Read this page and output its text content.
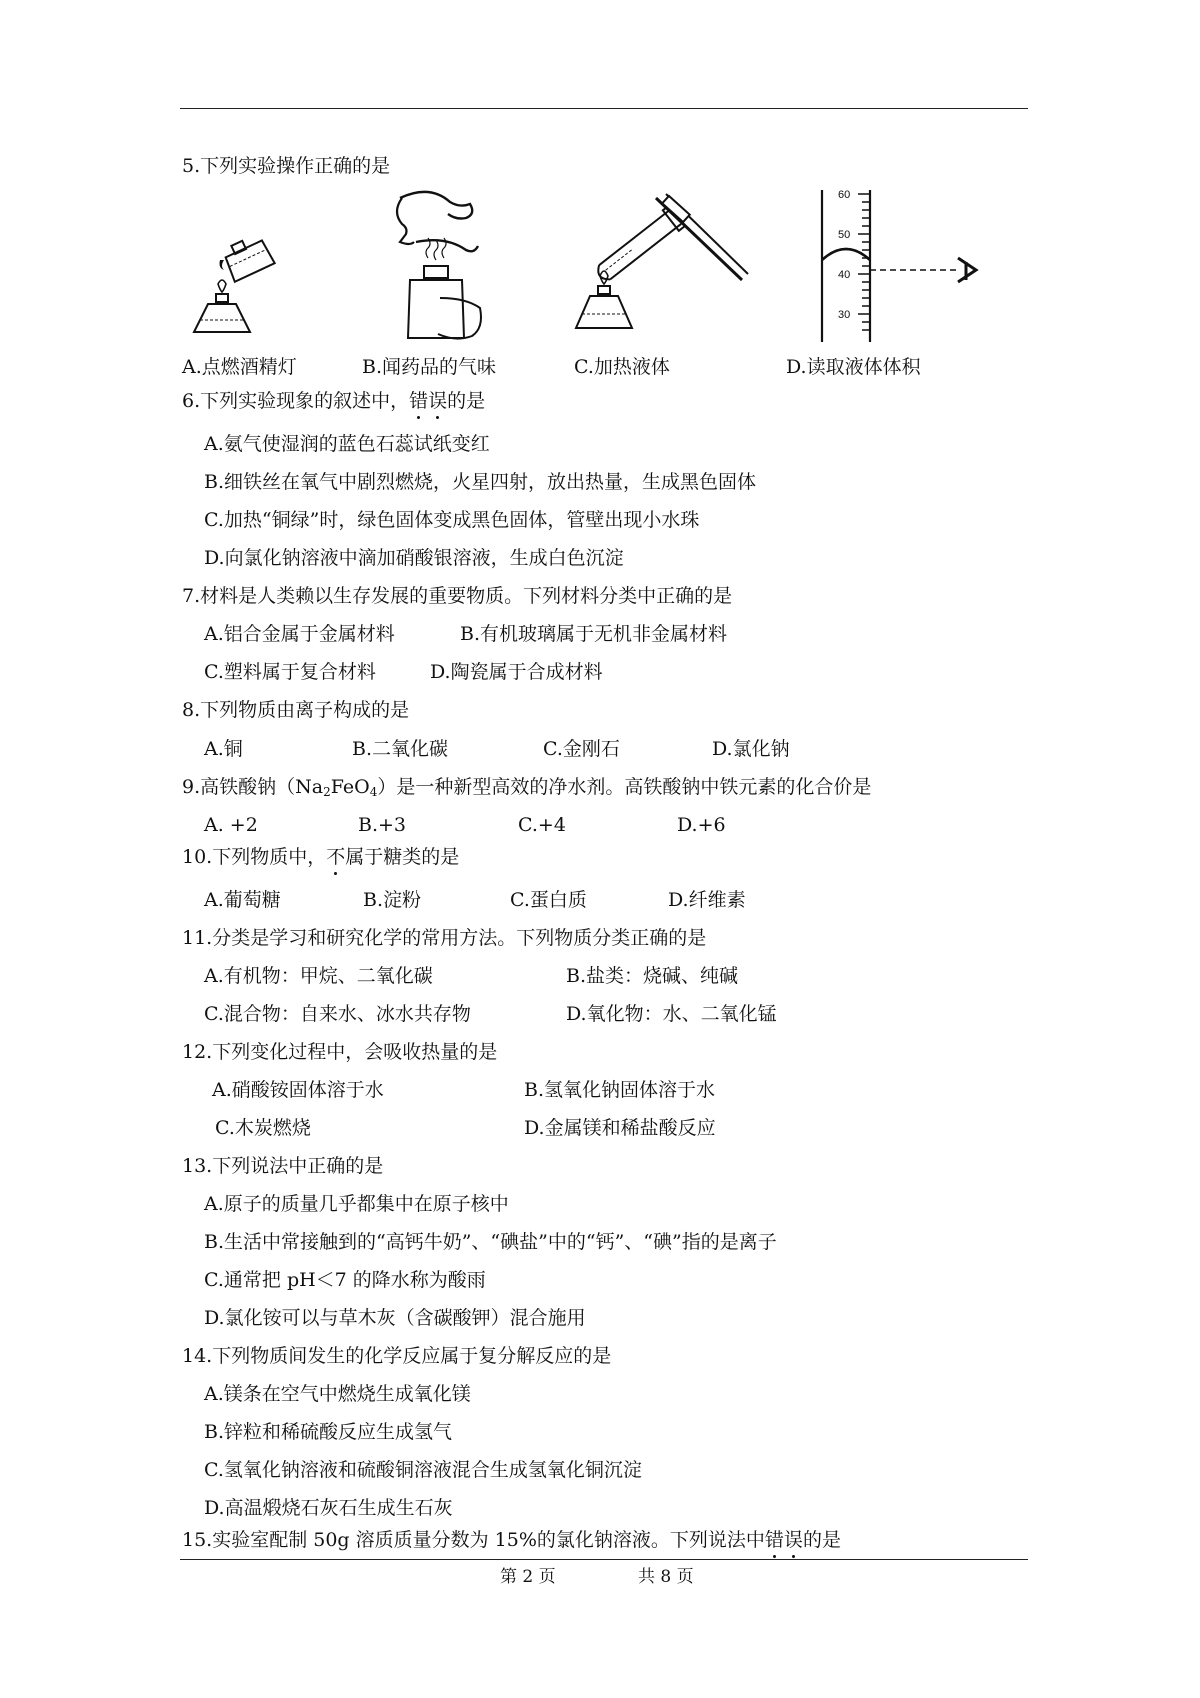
5.下列实验操作正确的是
60
50
40
30
A.点燃酒精灯	B.闻药品的气味	C.加热液体	D.读取液体体积
6.下列实验现象的叙述中，错误的是
A.氨气使湿润的蓝色石蕊试纸变红
B.细铁丝在氧气中剧烈燃烧，火星四射，放出热量，生成黑色固体
C.加热“铜绿”时，绿色固体变成黑色固体，管壁出现小水珠
D.向氯化钠溶液中滴加硝酸银溶液，生成白色沉淀
7.材料是人类赖以生存发展的重要物质。下列材料分类中正确的是
A.铝合金属于金属材料	B.有机玻璃属于无机非金属材料
C.塑料属于复合材料	D.陶瓷属于合成材料
8.下列物质由离子构成的是
A.铜	B.二氧化碳	C.金刚石	D.氯化钠
9.高铁酸钠$(Na_2FeO_4)$是一种新型高效的净水剂。高铁酸钠中铁元素的化合价是
A. +2	B.+3	C.+4	D.+6
10.下列物质中，不属于糖类的是
A.葡萄糖	B.淀粉	C.蛋白质	D.纤维素
11.分类是学习和研究化学的常用方法。下列物质分类正确的是
A.有机物：甲烷、二氧化碳	B.盐类：烧碱、纯碱
C.混合物：自来水、冰水共存物	D.氧化物：水、二氧化锰
12.下列变化过程中，会吸收热量的是
A.硝酸铵固体溶于水	B.氢氧化钠固体溶于水
C.木炭燃烧	D.金属镁和稀盐酸反应
13.下列说法中正确的是
A.原子的质量几乎都集中在原子核中
B.生活中常接触到的“高钙牛奶”、“碘盐”中的“钙”、“碘”指的是离子
C.通常把 pH＜7 的降水称为酸雨
D.氯化铵可以与草木灰（含碳酸钾）混合施用
14.下列物质间发生的化学反应属于复分解反应的是
A.镁条在空气中燃烧生成氧化镁
B.锌粒和稀硫酸反应生成氢气
C.氢氧化钠溶液和硫酸铜溶液混合生成氢氧化铜沉淀
D.高温煅烧石灰石生成生石灰
15.实验室配制 50g 溶质质量分数为 15%的氯化钠溶液。下列说法中错误的是
第 2 页	共 8 页
